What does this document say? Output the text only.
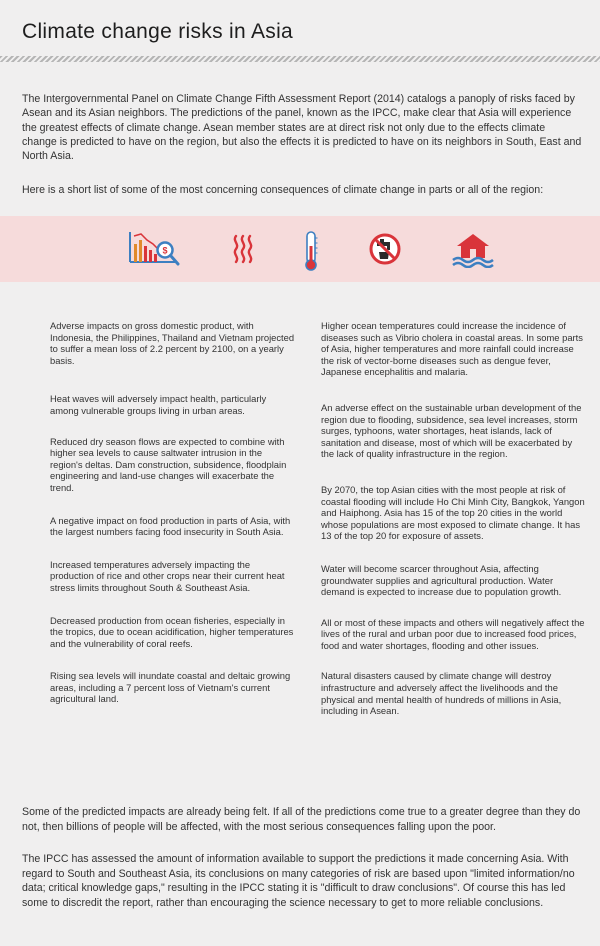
Climate change risks in Asia

The Intergovernmental Panel on Climate Change Fifth Assessment Report (2014) catalogs a panoply of risks faced by Asean and its Asian neighbors. The predictions of the panel, known as the IPCC, make clear that Asia will experience the greatest effects of climate change. Asean member states are at direct risk not only due to the effects climate change is predicted to have on the region, but also the effects it is predicted to have on its neighbors in South, East and North Asia.

Here is a short list of some of the most concerning consequences of climate change in parts or all of the region:

$

Adverse impacts on gross domestic product, with Indonesia, the Philippines, Thailand and Vietnam projected to suffer a mean loss of 2.2 percent by 2100, on a yearly basis.

Heat waves will adversely impact health, particularly among vulnerable groups living in urban areas.

Reduced dry season flows are expected to combine with higher sea levels to cause saltwater intrusion in the region's deltas. Dam construction, subsidence, floodplain engineering and land-use changes will exacerbate the trend.

A negative impact on food production in parts of Asia, with the largest numbers facing food insecurity in South Asia.

Increased temperatures adversely impacting the production of rice and other crops near their current heat stress limits throughout South & Southeast Asia.

Decreased production from ocean fisheries, especially in the tropics, due to ocean acidification, higher temperatures and the vulnerability of coral reefs.

Rising sea levels will inundate coastal and deltaic growing areas, including a 7 percent loss of Vietnam's current agricultural land.

Higher ocean temperatures could increase the incidence of diseases such as Vibrio cholera in coastal areas. In some parts of Asia, higher temperatures and more rainfall could increase the risk of vector-borne diseases such as dengue fever, Japanese encephalitis and malaria.

An adverse effect on the sustainable urban development of the region due to flooding, subsidence, sea level increases, storm surges, typhoons, water shortages, heat islands, lack of sanitation and disease, most of which will be exacerbated by the lack of quality infrastructure in the region.

By 2070, the top Asian cities with the most people at risk of coastal flooding will include Ho Chi Minh City, Bangkok, Yangon and Haiphong. Asia has 15 of the top 20 cities in the world whose populations are most exposed to climate change. It has 13 of the top 20 for exposure of assets.

Water will become scarcer throughout Asia, affecting groundwater supplies and agricultural production. Water demand is expected to increase due to population growth.

All or most of these impacts and others will negatively affect the lives of the rural and urban poor due to increased food prices, food and water shortages, flooding and other issues.

Natural disasters caused by climate change will destroy infrastructure and adversely affect the livelihoods and the physical and mental health of hundreds of millions in Asia, including in Asean.

Some of the predicted impacts are already being felt. If all of the predictions come true to a greater degree than they do not, then billions of people will be affected, with the most serious consequences falling upon the poor.

The IPCC has assessed the amount of information available to support the predictions it made concerning Asia. With regard to South and Southeast Asia, its conclusions on many categories of risk are based upon "limited information/no data; critical knowledge gaps," resulting in the IPCC stating it is "difficult to draw conclusions". Of course this has led some to discredit the report, rather than encouraging the science necessary to get to more reliable conclusions.
